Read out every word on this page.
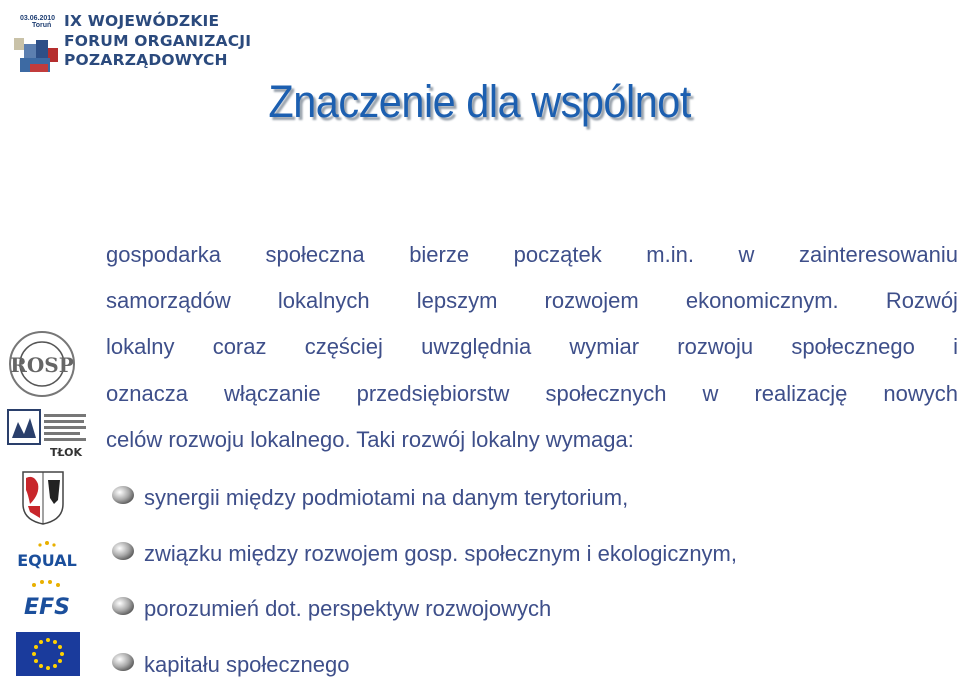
03.06.2010
Toruń IX WOJEWÓDZKIE
FORUM ORGANIZACJI
POZARZĄDOWYCH
Znaczenie dla wspólnot
ROSP
TŁOK
EQUAL
EFS
gospodarka społeczna bierze początek m.in. w zainteresowaniu
samorządów lokalnych lepszym rozwojem ekonomicznym. Rozwój
lokalny coraz częściej uwzględnia wymiar rozwoju społecznego i
oznacza włączanie przedsiębiorstw społecznych w realizację nowych
celów rozwoju lokalnego. Taki rozwój lokalny wymaga:
synergii między podmiotami na danym terytorium,
związku między rozwojem gosp. społecznym i ekologicznym,
porozumień dot. perspektyw rozwojowych
kapitału społecznego
